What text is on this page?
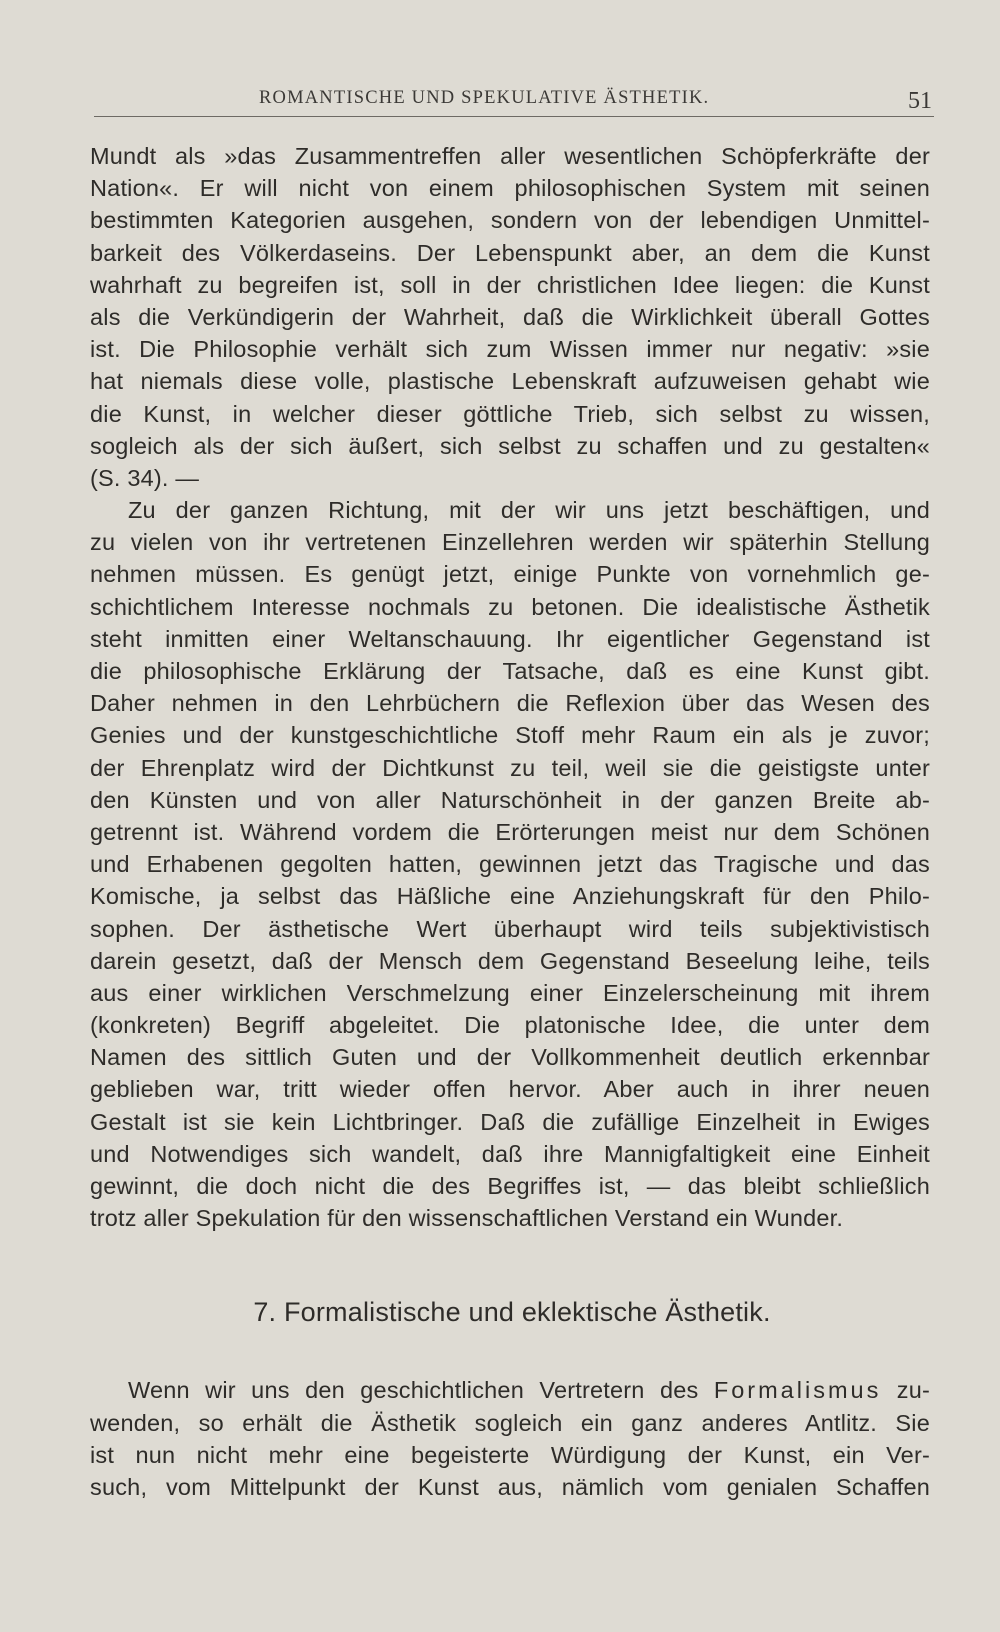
ROMANTISCHE UND SPEKULATIVE ÄSTHETIK.	51
Mundt als »das Zusammentreffen aller wesentlichen Schöpferkräfte der
Nation«. Er will nicht von einem philosophischen System mit seinen
bestimmten Kategorien ausgehen, sondern von der lebendigen Unmittel-
barkeit des Völkerdaseins. Der Lebenspunkt aber, an dem die Kunst
wahrhaft zu begreifen ist, soll in der christlichen Idee liegen: die Kunst
als die Verkündigerin der Wahrheit, daß die Wirklichkeit überall Gottes
ist. Die Philosophie verhält sich zum Wissen immer nur negativ: »sie
hat niemals diese volle, plastische Lebenskraft aufzuweisen gehabt wie
die Kunst, in welcher dieser göttliche Trieb, sich selbst zu wissen,
sogleich als der sich äußert, sich selbst zu schaffen und zu gestalten«
(S. 34). —
Zu der ganzen Richtung, mit der wir uns jetzt beschäftigen, und
zu vielen von ihr vertretenen Einzellehren werden wir späterhin Stellung
nehmen müssen. Es genügt jetzt, einige Punkte von vornehmlich ge-
schichtlichem Interesse nochmals zu betonen. Die idealistische Ästhetik
steht inmitten einer Weltanschauung. Ihr eigentlicher Gegenstand ist
die philosophische Erklärung der Tatsache, daß es eine Kunst gibt.
Daher nehmen in den Lehrbüchern die Reflexion über das Wesen des
Genies und der kunstgeschichtliche Stoff mehr Raum ein als je zuvor;
der Ehrenplatz wird der Dichtkunst zu teil, weil sie die geistigste unter
den Künsten und von aller Naturschönheit in der ganzen Breite ab-
getrennt ist. Während vordem die Erörterungen meist nur dem Schönen
und Erhabenen gegolten hatten, gewinnen jetzt das Tragische und das
Komische, ja selbst das Häßliche eine Anziehungskraft für den Philo-
sophen. Der ästhetische Wert überhaupt wird teils subjektivistisch
darein gesetzt, daß der Mensch dem Gegenstand Beseelung leihe, teils
aus einer wirklichen Verschmelzung einer Einzelerscheinung mit ihrem
(konkreten) Begriff abgeleitet. Die platonische Idee, die unter dem
Namen des sittlich Guten und der Vollkommenheit deutlich erkennbar
geblieben war, tritt wieder offen hervor. Aber auch in ihrer neuen
Gestalt ist sie kein Lichtbringer. Daß die zufällige Einzelheit in Ewiges
und Notwendiges sich wandelt, daß ihre Mannigfaltigkeit eine Einheit
gewinnt, die doch nicht die des Begriffes ist, — das bleibt schließlich
trotz aller Spekulation für den wissenschaftlichen Verstand ein Wunder.
7. Formalistische und eklektische Ästhetik.
Wenn wir uns den geschichtlichen Vertretern des Formalismus zu-
wenden, so erhält die Ästhetik sogleich ein ganz anderes Antlitz. Sie
ist nun nicht mehr eine begeisterte Würdigung der Kunst, ein Ver-
such, vom Mittelpunkt der Kunst aus, nämlich vom genialen Schaffen
